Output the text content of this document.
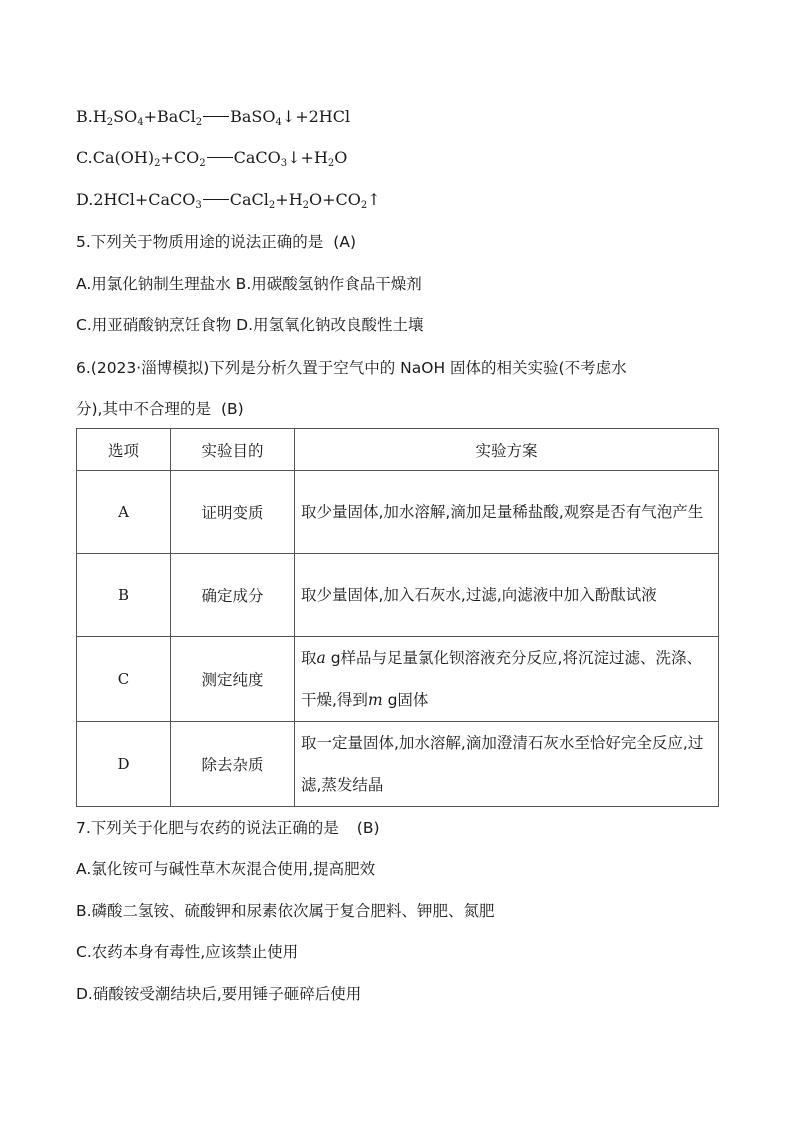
$B.H_2SO_4+BaCl_2$ BaSO$_4$↓+2HCl
$C.Ca(OH)_2+CO_2$ $CaCO_3↓+H_2O$
D.2HCl+CaCO$_3$ $CaCl_2+H_2O+CO_2↑$
5.下列关于物质用途的说法正确的是 (A)
A.用氯化钠制生理盐水 B.用碳酸氢钠作食品干燥剂
C.用亚硝酸钠烹饪食物 D.用氢氧化钠改良酸性土壤
6.(2023·淄博模拟)下列是分析久置于空气中的 NaOH 固体的相关实验(不考虑水
分),其中不合理的是 (B)
选项	实验目的	实验方案
A	证明变质	取少量固体,加水溶解,滴加足量稀盐酸,观察是否有气泡产生
B	确定成分	取少量固体,加入石灰水,过滤,向滤液中加入酚酞试液
C	测定纯度	取a g样品与足量氯化钡溶液充分反应,将沉淀过滤、洗涤、干燥,得到m g固体
D	除去杂质	取一定量固体,加水溶解,滴加澄清石灰水至恰好完全反应,过滤,蒸发结晶
7.下列关于化肥与农药的说法正确的是 (B)
A.氯化铵可与碱性草木灰混合使用,提高肥效
B.磷酸二氢铵、硫酸钾和尿素依次属于复合肥料、钾肥、氮肥
C.农药本身有毒性,应该禁止使用
D.硝酸铵受潮结块后,要用锤子砸碎后使用
